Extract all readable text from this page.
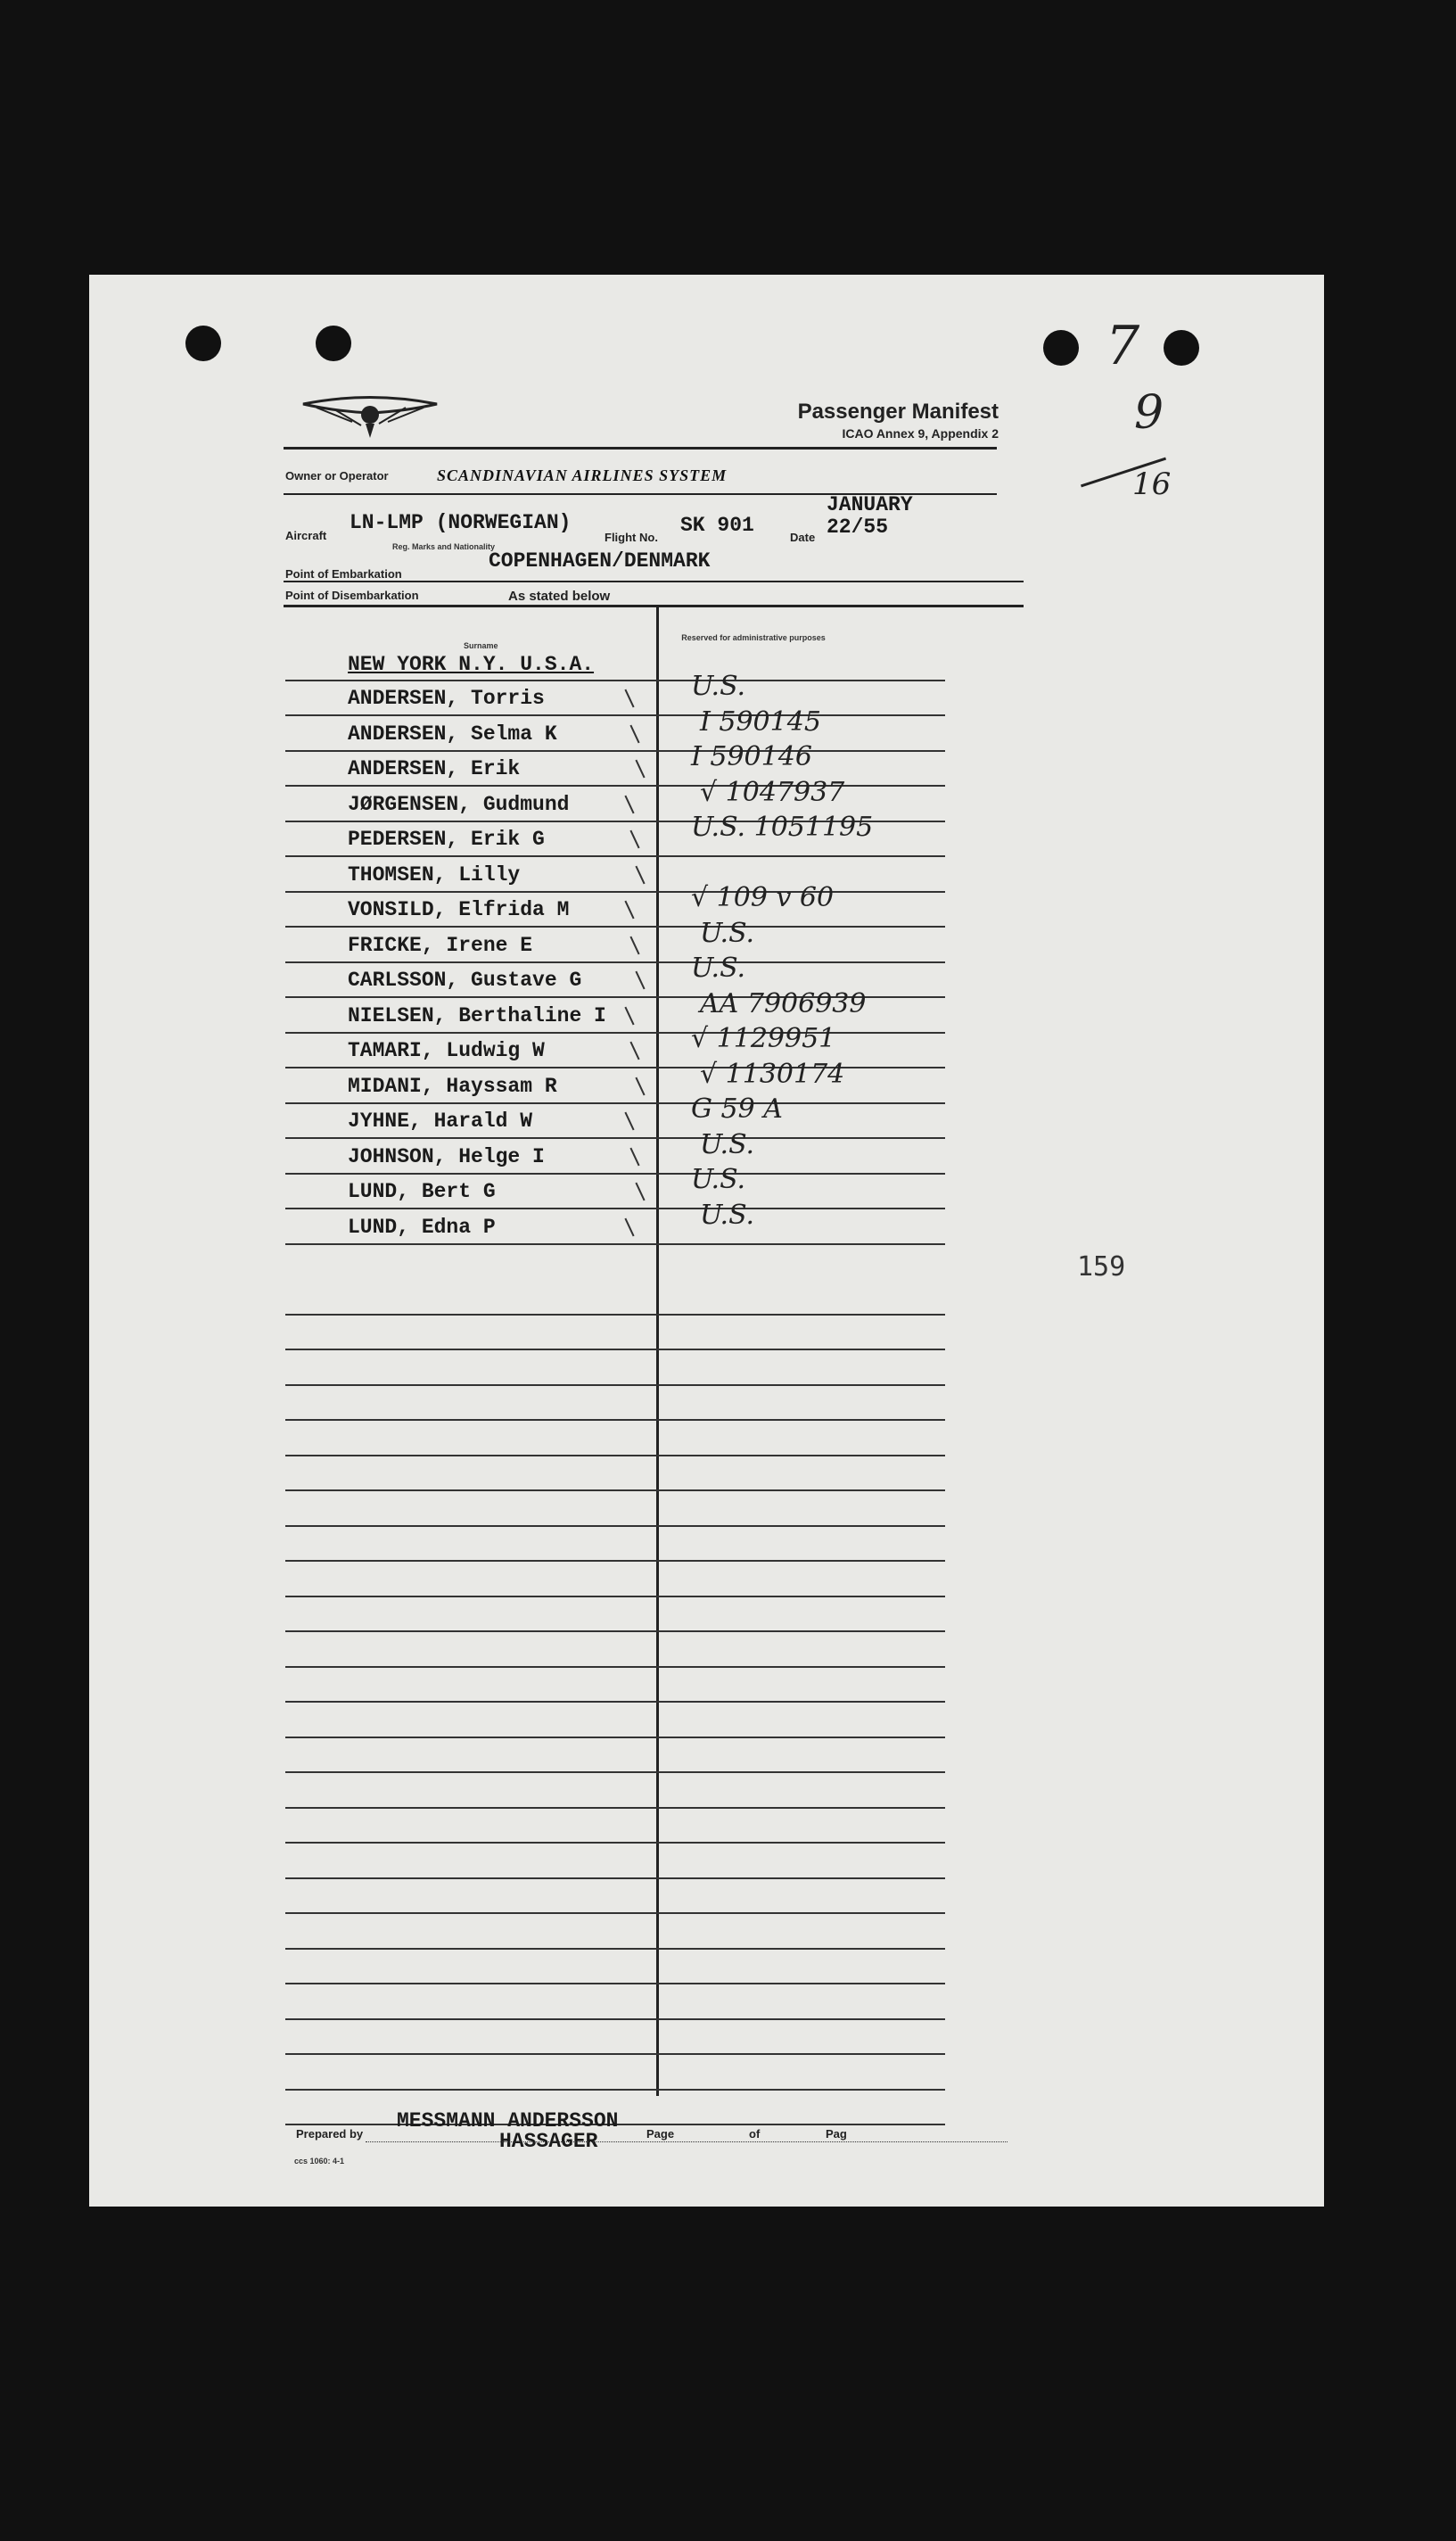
Passenger Manifest
ICAO Annex 9, Appendix 2
Owner or Operator	SCANDINAVIAN AIRLINES SYSTEM
Aircraft
LN-LMP (NORWEGIAN)
Reg. Marks and Nationality
Flight No.
SK 901
Date
JANUARY
22/55
Point of Embarkation
COPENHAGEN/DENMARK
Point of Disembarkation	As stated below
Surname
Reserved for administrative purposes
NEW YORK N.Y. U.S.A.
ANDERSEN, Torris	U.S.
ANDERSEN, Selma K	I 590145
ANDERSEN, Erik	I 590146
JØRGENSEN, Gudmund	√ 1047937
PEDERSEN, Erik G	U.S. 1051195
THOMSEN, Lilly
VONSILD, Elfrida M	√ 109 v 60
FRICKE, Irene E	U.S.
CARLSSON, Gustave G	U.S.
NIELSEN, Berthaline I	AA 7906939
TAMARI, Ludwig W	√ 1129951
MIDANI, Hayssam R	√ 1130174
JYHNE, Harald W	G 59 A
JOHNSON, Helge I	U.S.
LUND, Bert G	U.S.
LUND, Edna P	U.S.
Prepared by
MESSMANN ANDERSSON
HASSAGER	Page	of	Pag
ccs 1060: 4-1
7
9
16
159
